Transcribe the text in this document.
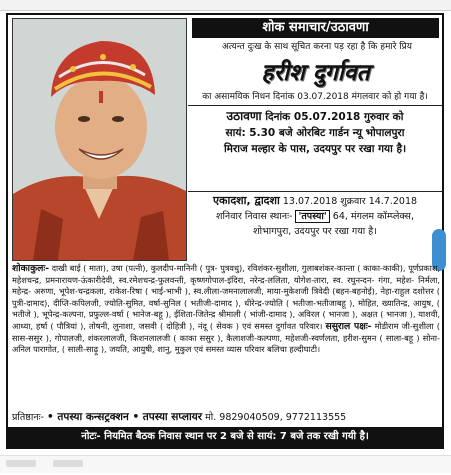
शोक समाचार/उठावणा
अत्यन्त दुःख के साथ सूचित करना पड़ रहा है कि हमारे प्रिय
हरीश दुर्गावत
का असामयिक निधन दिनांक 03.07.2018 मंगलवार को हो गया है।
उठावणा दिनांक 05.07.2018 गुरुवार को
सायं: 5.30 बजे ओरबिट गार्डन न्यू भोपालपुरा
मिराज मल्हार के पास, उदयपुर पर रखा गया है।
एकादशा, द्वादशा 13.07.2018 शुक्रवार 14.7.2018
शनिवार निवास स्थानः- 'तपस्या' 64, मंगलम कॉम्प्लेक्स,
शोभागपुरा, उदयपुर पर रखा गया है।
शोकाकुलः- दाखी बाई ( माता), उषा (पत्नी), कुलदीप-मानिनी ( पुत्र- पुत्रवधु), रविशंकर-सुशीला, गुलाबशंकर-कान्ता ( काका-काकी), पूर्णप्रकाश, महेशचन्द्र, प्रमनारायण-ऊंकारीदेवी, स्व.रमेशचन्द्र-फुलवन्ती, कृष्णगोपाल-इंदिरा, नरेन्द्र-ललिता, योगेश-तारा, स्व. रघुनन्दन- गंगा, महेश- निर्मला, महेन्द्र- अरुणा, भूपेश-चन्द्रकला, राकेश-रिषा ( भाई-भाभी ), स्व.लीला-जमनालालजी, माया-मुकेशजी त्रिवेदी (बहन-बहनोई), नेहा-राहुल दशोत्तर ( पुत्री-दामाद), दीप्ति-कपिलजी, ज्योति-सुमित, वर्षा-सुनिल ( भतीजी-दामाद ), धीरेन्द्र-ज्योति ( भतीजा-भतीजाबहू ), मोहित, ख्यातिन्द्र, आयुष, ( भतीजे ), भूपेन्द्र-कल्पना, प्रफुल्ल-वर्षा ( भानेज-बहू ), ईशिता-जितेन्द्र श्रीमाली ( भांजी-दामाद ), अविरल ( भानजा ), अक्षत ( भानजा ), याशवी, आध्या, हर्षा ( पौत्रियां ), तोषनी, लुनाशा, जसवी ( दोहित्री ), नंदू ( सेवक ) एवं समस्त दुर्गावत परिवार। ससुराल पक्षः- मोडीराम जी-सुशीला ( सास-ससुर ), गोपालजी, शंकरलालजी, किशनलालजी ( काका ससुर ), कैलाशजी-कल्पणा, महेशजी-स्वर्णलता, हरीश-सुमन ( साला-बहू ) सोना-अनिल पारागोत, ( साली-साढ़ू ), जयति, आयुषी, शानु, मुकुल एवं समस्त व्यास परिवार बलिचा हल्दीघाटी।
प्रतिष्ठानः- • तपस्या कन्सट्रक्शन • तपस्या सप्लायर मो. 9829040509, 9772113555
नोटः- नियमित बैठक निवास स्थान पर 2 बजे से सायं: 7 बजे तक रखी गयी है।
